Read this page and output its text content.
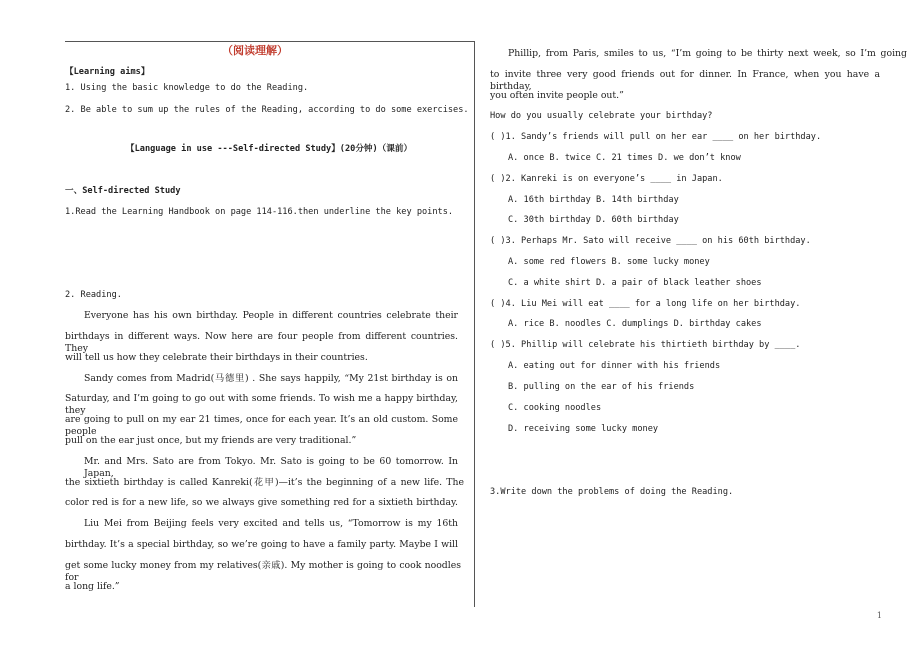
（阅读理解）
【Learning aims】
1. Using the basic knowledge to do the Reading.
2. Be able to sum up the rules of the Reading, according to do some exercises.
【Language in use ---Self-directed Study】(20分钟)（课前）
一、Self-directed Study
1.Read the Learning Handbook on page 114-116.then underline the key points.
2. Reading.
Everyone has his own birthday. People in different countries celebrate their
birthdays in different ways. Now here are four people from different countries. They
will tell us how they celebrate their birthdays in their countries.
Sandy comes from Madrid(马德里) . She says happily, “My 21st birthday is on
Saturday, and I’m going to go out with some friends. To wish me a happy birthday, they
are going to pull on my ear 21 times, once for each year. It’s an old custom. Some people
pull on the ear just once, but my friends are very traditional.”
Mr. and Mrs. Sato are from Tokyo. Mr. Sato is going to be 60 tomorrow. In Japan,
the sixtieth birthday is called Kanreki(花甲)—it’s the beginning of a new life. The
color red is for a new life, so we always give something red for a sixtieth birthday.
Liu Mei from Beijing feels very excited and tells us, “Tomorrow is my 16th
birthday. It’s a special birthday, so we’re going to have a family party. Maybe I will
get some lucky money from my relatives(亲戚). My mother is going to cook noodles for
a long life.”
Phillip, from Paris, smiles to us, “I’m going to be thirty next week, so I’m going
to invite three very good friends out for dinner. In France, when you have a birthday,
you often invite people out.”
How do you usually celebrate your birthday?
( )1. Sandy’s friends will pull on her ear ____ on her birthday.
A. once B. twice C. 21 times D. we don’t know
( )2. Kanreki is on everyone’s ____ in Japan.
A. 16th birthday B. 14th birthday
C. 30th birthday D. 60th birthday
( )3. Perhaps Mr. Sato will receive ____ on his 60th birthday.
A. some red flowers B. some lucky money
C. a white shirt D. a pair of black leather shoes
( )4. Liu Mei will eat ____ for a long life on her birthday.
A. rice B. noodles C. dumplings D. birthday cakes
( )5. Phillip will celebrate his thirtieth birthday by ____.
A. eating out for dinner with his friends
B. pulling on the ear of his friends
C. cooking noodles
D. receiving some lucky money
3.Write down the problems of doing the Reading.
1
